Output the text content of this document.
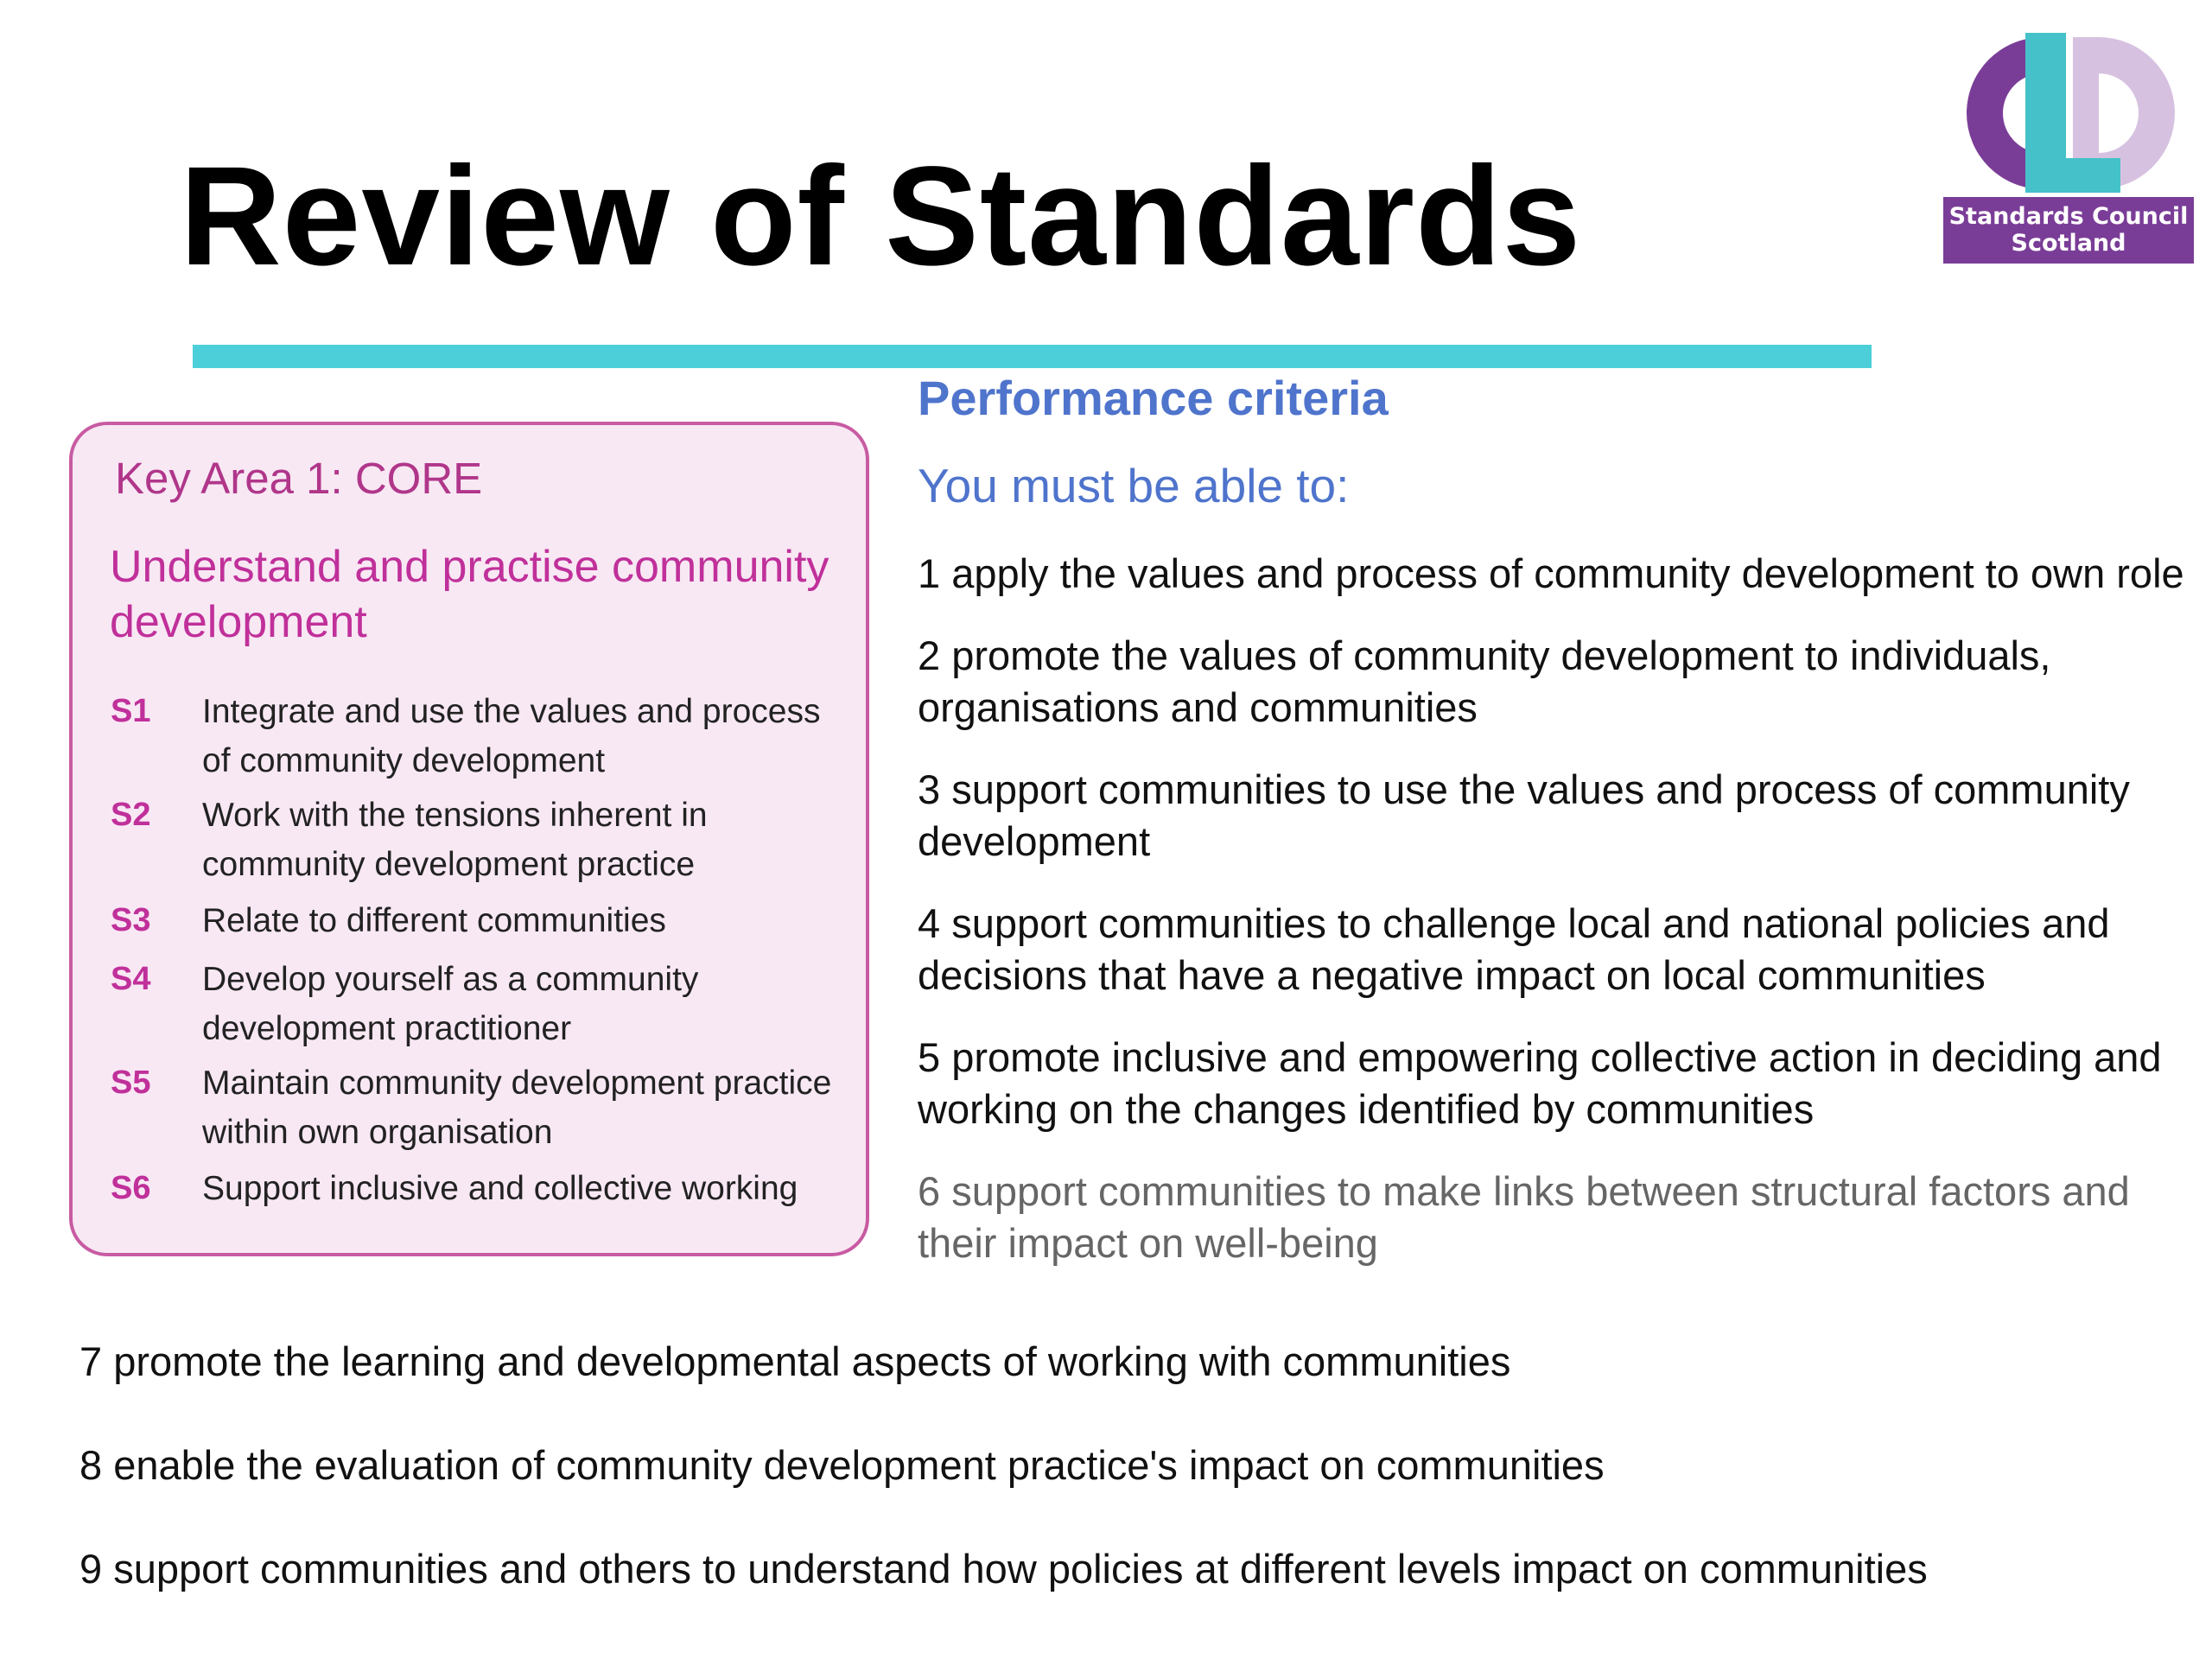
Review of Standards	Standards Council
Scotland
Key Area 1: CORE
Understand and practise community development
S1 Integrate and use the values and process of community development
S2 Work with the tensions inherent in community development practice
S3 Relate to different communities
S4 Develop yourself as a community development practitioner
S5 Maintain community development practice within own organisation
S6 Support inclusive and collective working
Performance criteria
You must be able to:
1 apply the values and process of community development to own role
2 promote the values of community development to individuals, organisations and communities
3 support communities to use the values and process of community development
4 support communities to challenge local and national policies and decisions that have a negative impact on local communities
5 promote inclusive and empowering collective action in deciding and working on the changes identified by communities
6 support communities to make links between structural factors and their impact on well-being
7 promote the learning and developmental aspects of working with communities
8 enable the evaluation of community development practice's impact on communities
9 support communities and others to understand how policies at different levels impact on communities
